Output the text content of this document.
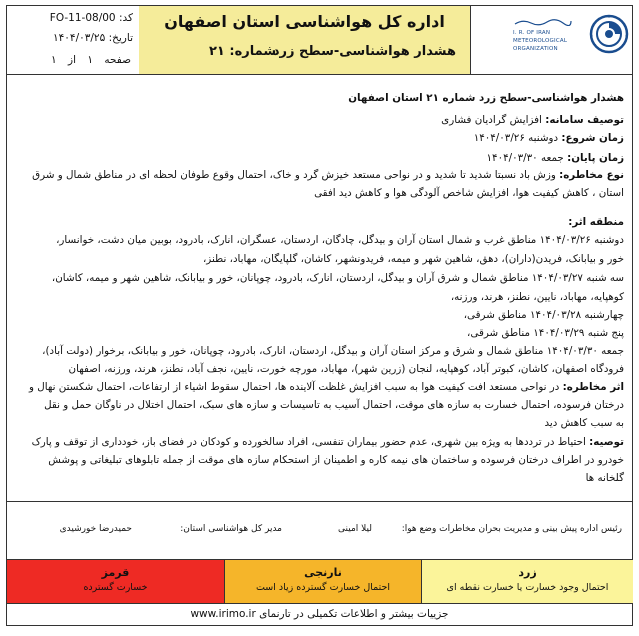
کد: FO-11-08/00
تاریخ: ۱۴۰۴/۰۳/۲۵
صفحه ۱ از ۱
اداره کل هواشناسی استان اصفهان
هشدار هواشناسی-سطح زرد
شماره: ۲۱
I. R. OF IRAN
METEOROLOGICAL
ORGANIZATION
هشدار هواشناسی-سطح زرد شماره ۲۱ استان اصفهان
توصیف سامانه: افزایش گرادیان فشاری
زمان شروع: دوشنبه ۱۴۰۴/۰۳/۲۶
زمان پایان: جمعه ۱۴۰۴/۰۳/۳۰
نوع مخاطره: وزش باد نسبتا شدید تا شدید و در نواحی مستعد خیزش گرد و خاک، احتمال وقوع طوفان لحظه ای در مناطق شمال و شرق
استان ، کاهش کیفیت هوا، افزایش شاخص آلودگی هوا و کاهش دید افقی
منطقه اثر:
دوشنبه ۱۴۰۴/۰۳/۲۶ مناطق غرب و شمال استان آران و بیدگل، چادگان، اردستان، عسگران، انارک، بادرود، بوبین میان دشت، خوانسار،
خور و بیابانک، فریدن(داران)، دهق، شاهین شهر و میمه، فریدونشهر، کاشان، گلپایگان، مهاباد، نطنز،
سه شنبه ۱۴۰۴/۰۳/۲۷ مناطق شمال و شرق آران و بیدگل، اردستان، انارک، بادرود، چوپانان، خور و بیابانک، شاهین شهر و میمه، کاشان،
کوهپایه، مهاباد، نایین، نطنز، هرند، ورزنه،
چهارشنبه ۱۴۰۴/۰۳/۲۸ مناطق شرقی،
پنج شنبه ۱۴۰۴/۰۳/۲۹ مناطق شرقی،
جمعه ۱۴۰۴/۰۳/۳۰ مناطق شمال و شرق و مرکز استان آران و بیدگل، اردستان، انارک، بادرود، چوپانان، خور و بیابانک، برخوار (دولت آباد)،
فرودگاه اصفهان، کاشان، کبوتر آباد، کوهپایه، لنجان (زرین شهر)، مهاباد، مورچه خورت، نایین، نجف آباد، نطنز، هرند، ورزنه، اصفهان
اثر مخاطره: در نواحی مستعد افت کیفیت هوا به سبب افزایش غلظت آلاینده ها، احتمال سقوط اشیاء از ارتفاعات، احتمال شکستن نهال و
درختان فرسوده، احتمال خسارت به سازه های موقت، احتمال آسیب به تاسیسات و سازه های سبک، احتمال اختلال در ناوگان حمل و نقل
به سبب کاهش دید
توصیه: احتیاط در ترددها به ویژه بین شهری، عدم حضور بیماران تنفسی، افراد سالخورده و کودکان در فضای باز، خودداری از توقف و پارک
خودرو در اطراف درختان فرسوده و ساختمان های نیمه کاره و اطمینان از استحکام سازه های موقت از جمله تابلوهای تبلیغاتی و پوشش
گلخانه ها
رئیس اداره پیش بینی و مدیریت بحران مخاطرات وضع هوا:
لیلا امینی
مدیر کل هواشناسی استان:
حمیدرضا خورشیدی
زرد
احتمال وجود خسارت یا خسارت نقطه ای
نارنجی
احتمال خسارت گسترده زیاد است
قرمز
خسارت گسترده
جزییات بیشتر و اطلاعات تکمیلی در تارنمای www.irimo.ir
